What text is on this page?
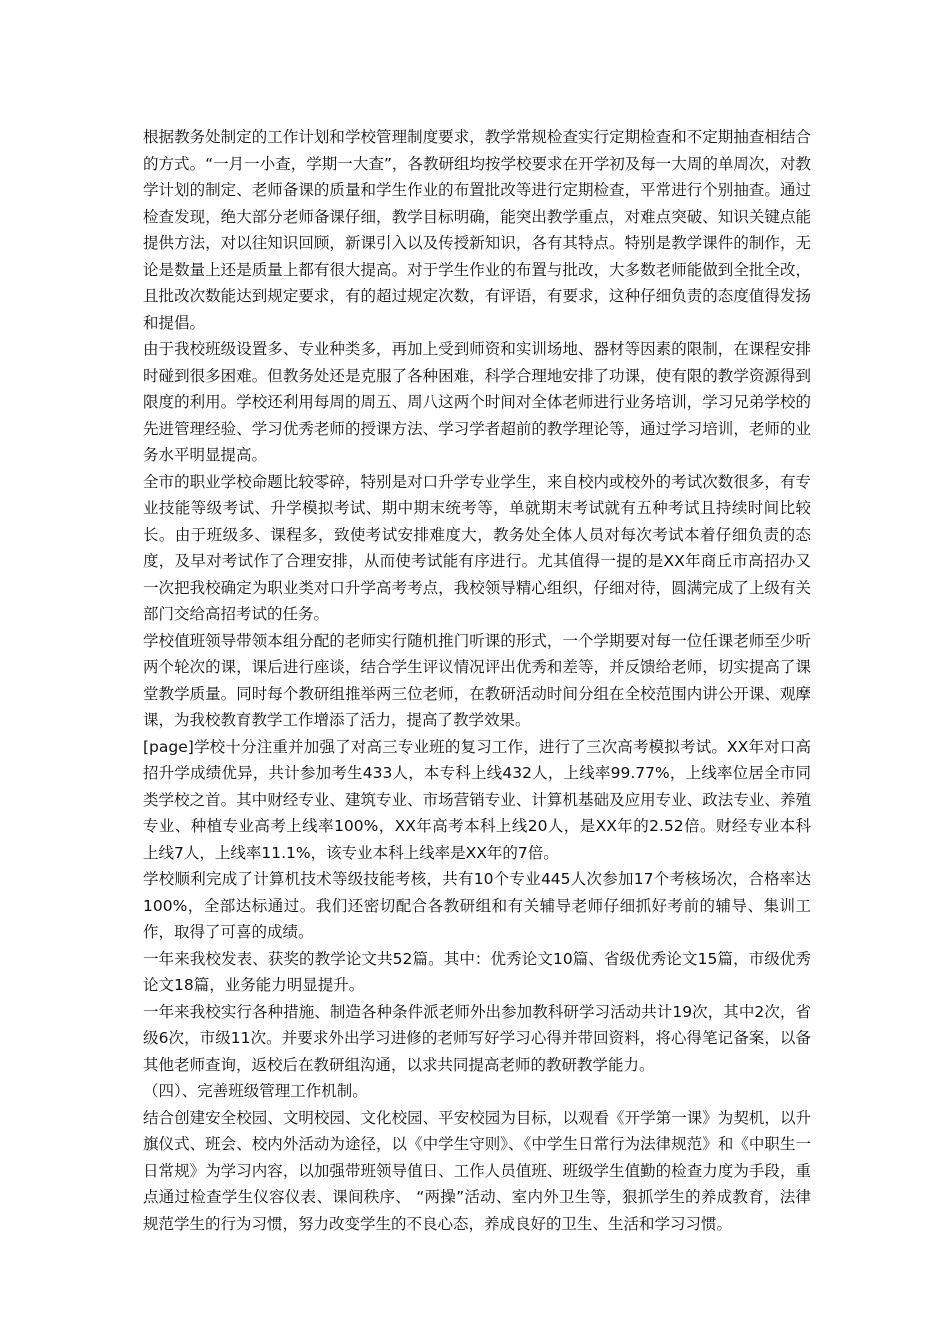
根据教务处制定的工作计划和学校管理制度要求，教学常规检查实行定期检查和不定期抽查相结合的方式。“一月一小查，学期一大查”，各教研组均按学校要求在开学初及每一大周的单周次，对教学计划的制定、老师备课的质量和学生作业的布置批改等进行定期检查，平常进行个别抽查。通过检查发现，绝大部分老师备课仔细，教学目标明确，能突出教学重点，对难点突破、知识关键点能提供方法，对以往知识回顾，新课引入以及传授新知识，各有其特点。特别是教学课件的制作，无论是数量上还是质量上都有很大提高。对于学生作业的布置与批改，大多数老师能做到全批全改，且批改次数能达到规定要求，有的超过规定次数，有评语，有要求，这种仔细负责的态度值得发扬和提倡。

由于我校班级设置多、专业种类多，再加上受到师资和实训场地、器材等因素的限制，在课程安排时碰到很多困难。但教务处还是克服了各种困难，科学合理地安排了功课，使有限的教学资源得到限度的利用。学校还利用每周的周五、周八这两个时间对全体老师进行业务培训，学习兄弟学校的先进管理经验、学习优秀老师的授课方法、学习学者超前的教学理论等，通过学习培训，老师的业务水平明显提高。

全市的职业学校命题比较零碎，特别是对口升学专业学生，来自校内或校外的考试次数很多，有专业技能等级考试、升学模拟考试、期中期末统考等，单就期末考试就有五种考试且持续时间比较长。由于班级多、课程多，致使考试安排难度大，教务处全体人员对每次考试本着仔细负责的态度，及早对考试作了合理安排，从而使考试能有序进行。尤其值得一提的是XX年商丘市高招办又一次把我校确定为职业类对口升学高考考点，我校领导精心组织，仔细对待，圆满完成了上级有关部门交给高招考试的任务。

学校值班领导带领本组分配的老师实行随机推门听课的形式，一个学期要对每一位任课老师至少听两个轮次的课，课后进行座谈，结合学生评议情况评出优秀和差等，并反馈给老师，切实提高了课堂教学质量。同时每个教研组推举两三位老师，在教研活动时间分组在全校范围内讲公开课、观摩课，为我校教育教学工作增添了活力，提高了教学效果。

[page]学校十分注重并加强了对高三专业班的复习工作，进行了三次高考模拟考试。XX年对口高招升学成绩优异，共计参加考生433人，本专科上线432人，上线率99.77%，上线率位居全市同类学校之首。其中财经专业、建筑专业、市场营销专业、计算机基础及应用专业、政法专业、养殖专业、种植专业高考上线率100%，XX年高考本科上线20人，是XX年的2.52倍。财经专业本科上线7人，上线率11.1%，该专业本科上线率是XX年的7倍。

学校顺利完成了计算机技术等级技能考核，共有10个专业445人次参加17个考核场次，合格率达100%，全部达标通过。我们还密切配合各教研组和有关辅导老师仔细抓好考前的辅导、集训工作，取得了可喜的成绩。

一年来我校发表、获奖的教学论文共52篇。其中：优秀论文10篇、省级优秀论文15篇，市级优秀论文18篇，业务能力明显提升。

一年来我校实行各种措施、制造各种条件派老师外出参加教科研学习活动共计19次，其中2次，省级6次，市级11次。并要求外出学习进修的老师写好学习心得并带回资料，将心得笔记备案，以备其他老师查询，返校后在教研组沟通，以求共同提高老师的教研教学能力。

（四）、完善班级管理工作机制。

结合创建安全校园、文明校园、文化校园、平安校园为目标，以观看《开学第一课》为契机，以升旗仪式、班会、校内外活动为途径，以《中学生守则》、《中学生日常行为法律规范》和《中职生一日常规》为学习内容，以加强带班领导值日、工作人员值班、班级学生值勤的检查力度为手段，重点通过检查学生仪容仪表、课间秩序、 “两操”活动、室内外卫生等，狠抓学生的养成教育，法律规范学生的行为习惯，努力改变学生的不良心态，养成良好的卫生、生活和学习习惯。
